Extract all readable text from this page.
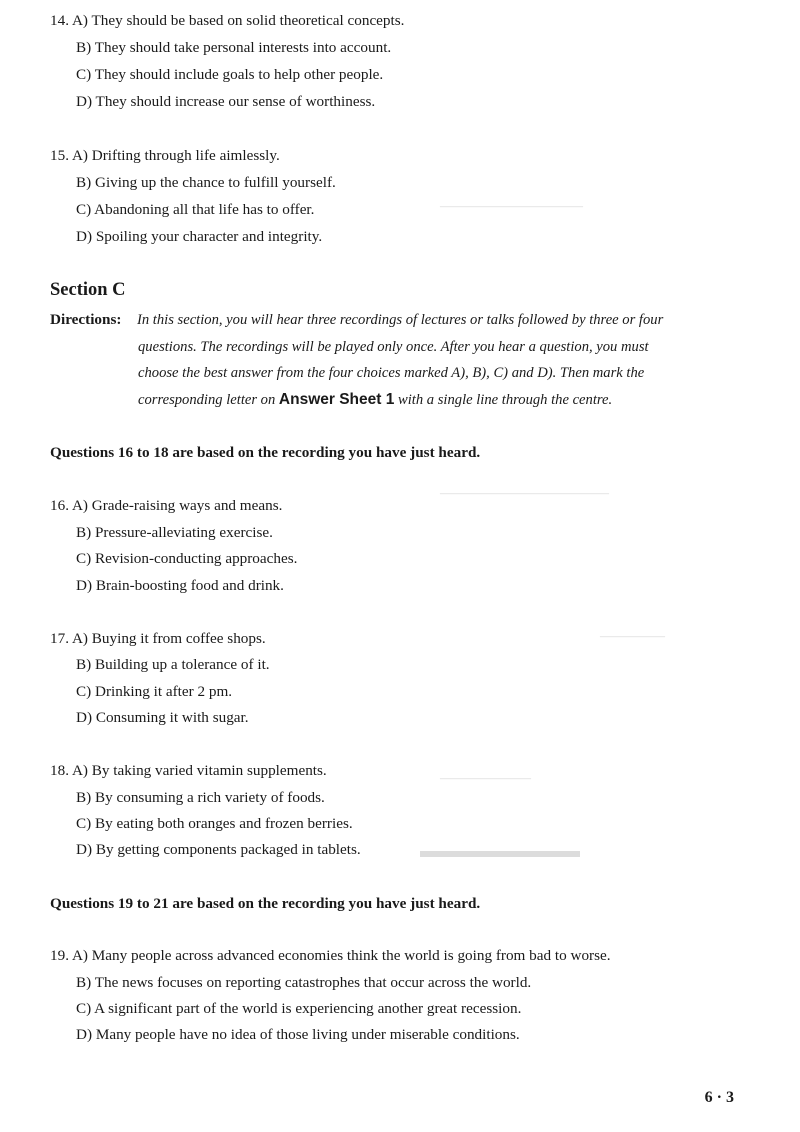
———————————
—————————————
—————
———————
▬▬▬▬▬▬▬▬
14. A) They should be based on solid theoretical concepts.
B) They should take personal interests into account.
C) They should include goals to help other people.
D) They should increase our sense of worthiness.
15. A) Drifting through life aimlessly.
B) Giving up the chance to fulfill yourself.
C) Abandoning all that life has to offer.
D) Spoiling your character and integrity.
Section C
Directions: In this section, you will hear three recordings of lectures or talks followed by three or four
questions. The recordings will be played only once. After you hear a question, you must
choose the best answer from the four choices marked A), B), C) and D). Then mark the
corresponding letter on Answer Sheet 1 with a single line through the centre.
Questions 16 to 18 are based on the recording you have just heard.
16. A) Grade-raising ways and means.
B) Pressure-alleviating exercise.
C) Revision-conducting approaches.
D) Brain-boosting food and drink.
17. A) Buying it from coffee shops.
B) Building up a tolerance of it.
C) Drinking it after 2 pm.
D) Consuming it with sugar.
18. A) By taking varied vitamin supplements.
B) By consuming a rich variety of foods.
C) By eating both oranges and frozen berries.
D) By getting components packaged in tablets.
Questions 19 to 21 are based on the recording you have just heard.
19. A) Many people across advanced economies think the world is going from bad to worse.
B) The news focuses on reporting catastrophes that occur across the world.
C) A significant part of the world is experiencing another great recession.
D) Many people have no idea of those living under miserable conditions.
6 · 3
